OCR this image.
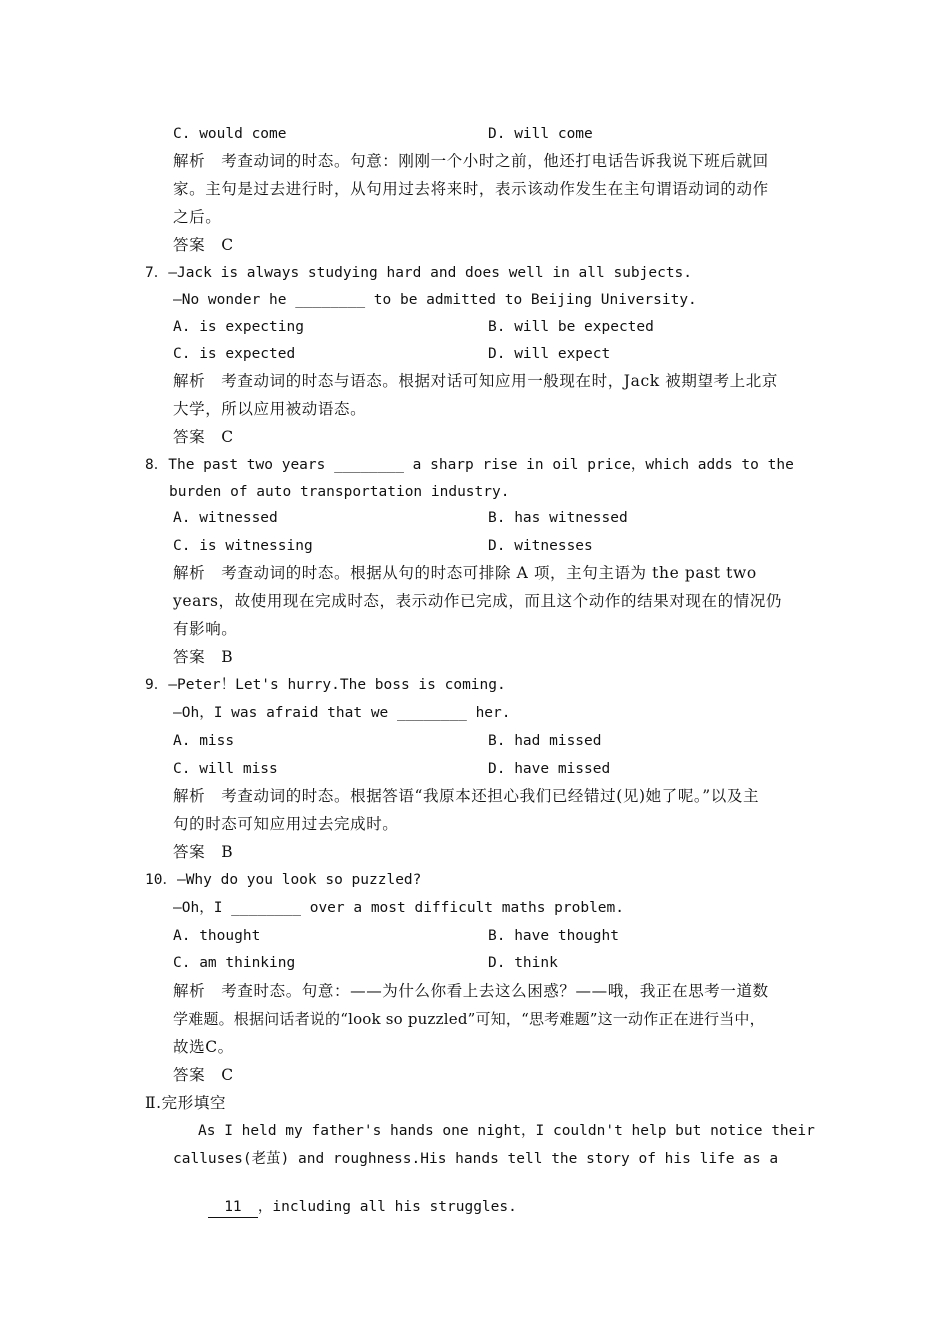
C. would come	D. will come
解析　考查动词的时态。句意：刚刚一个小时之前，他还打电话告诉我说下班后就回
家。主句是过去进行时，从句用过去将来时，表示该动作发生在主句谓语动词的动作
之后。
答案　C
7．—Jack is always studying hard and does well in all subjects.
—No wonder he ________ to be admitted to Beijing University.
A. is expecting	B. will be expected
C. is expected	D. will expect
解析　考查动词的时态与语态。根据对话可知应用一般现在时，Jack 被期望考上北京
大学，所以应用被动语态。
答案　C
8．The past two years ________ a sharp rise in oil price，which adds to the
burden of auto transportation industry.
A. witnessed	B. has witnessed
C. is witnessing	D. witnesses
解析　考查动词的时态。根据从句的时态可排除 A 项，主句主语为 the past two
years，故使用现在完成时态，表示动作已完成，而且这个动作的结果对现在的情况仍
有影响。
答案　B
9．—Peter！Let's hurry.The boss is coming.
—Oh，I was afraid that we ________ her.
A. miss	B. had missed
C. will miss	D. have missed
解析　考查动词的时态。根据答语“我原本还担心我们已经错过(见)她了呢。”以及主
句的时态可知应用过去完成时。
答案　B
10．—Why do you look so puzzled?
—Oh，I ________ over a most difficult maths problem.
A. thought	B. have thought
C. am thinking	D. think
解析　考查时态。句意：——为什么你看上去这么困惑？——哦，我正在思考一道数
学难题。根据问话者说的“look so puzzled”可知，“思考难题”这一动作正在进行当中，
故选C。
答案　C
Ⅱ.完形填空
As I held my father's hands one night，I couldn't help but notice their
calluses(老茧) and roughness.His hands tell the story of his life as a

11 ，including all his struggles.
